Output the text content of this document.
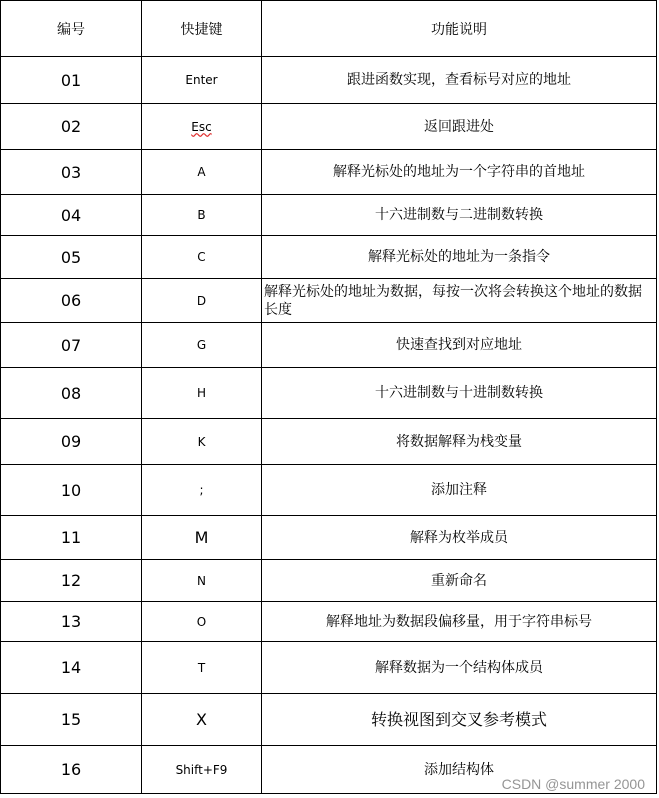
编号	快捷键	功能说明
01	Enter	跟进函数实现，查看标号对应的地址
02	Esc	返回跟进处
03	A	解释光标处的地址为一个字符串的首地址
04	B	十六进制数与二进制数转换
05	C	解释光标处的地址为一条指令
06	D	解释光标处的地址为数据，每按一次将会转换这个地址的数据长度
07	G	快速查找到对应地址
08	H	十六进制数与十进制数转换
09	K	将数据解释为栈变量
10	;	添加注释
11	M	解释为枚举成员
12	N	重新命名
13	O	解释地址为数据段偏移量，用于字符串标号
14	T	解释数据为一个结构体成员
15	X	转换视图到交叉参考模式
16	Shift+F9	添加结构体
CSDN @summer 2000
